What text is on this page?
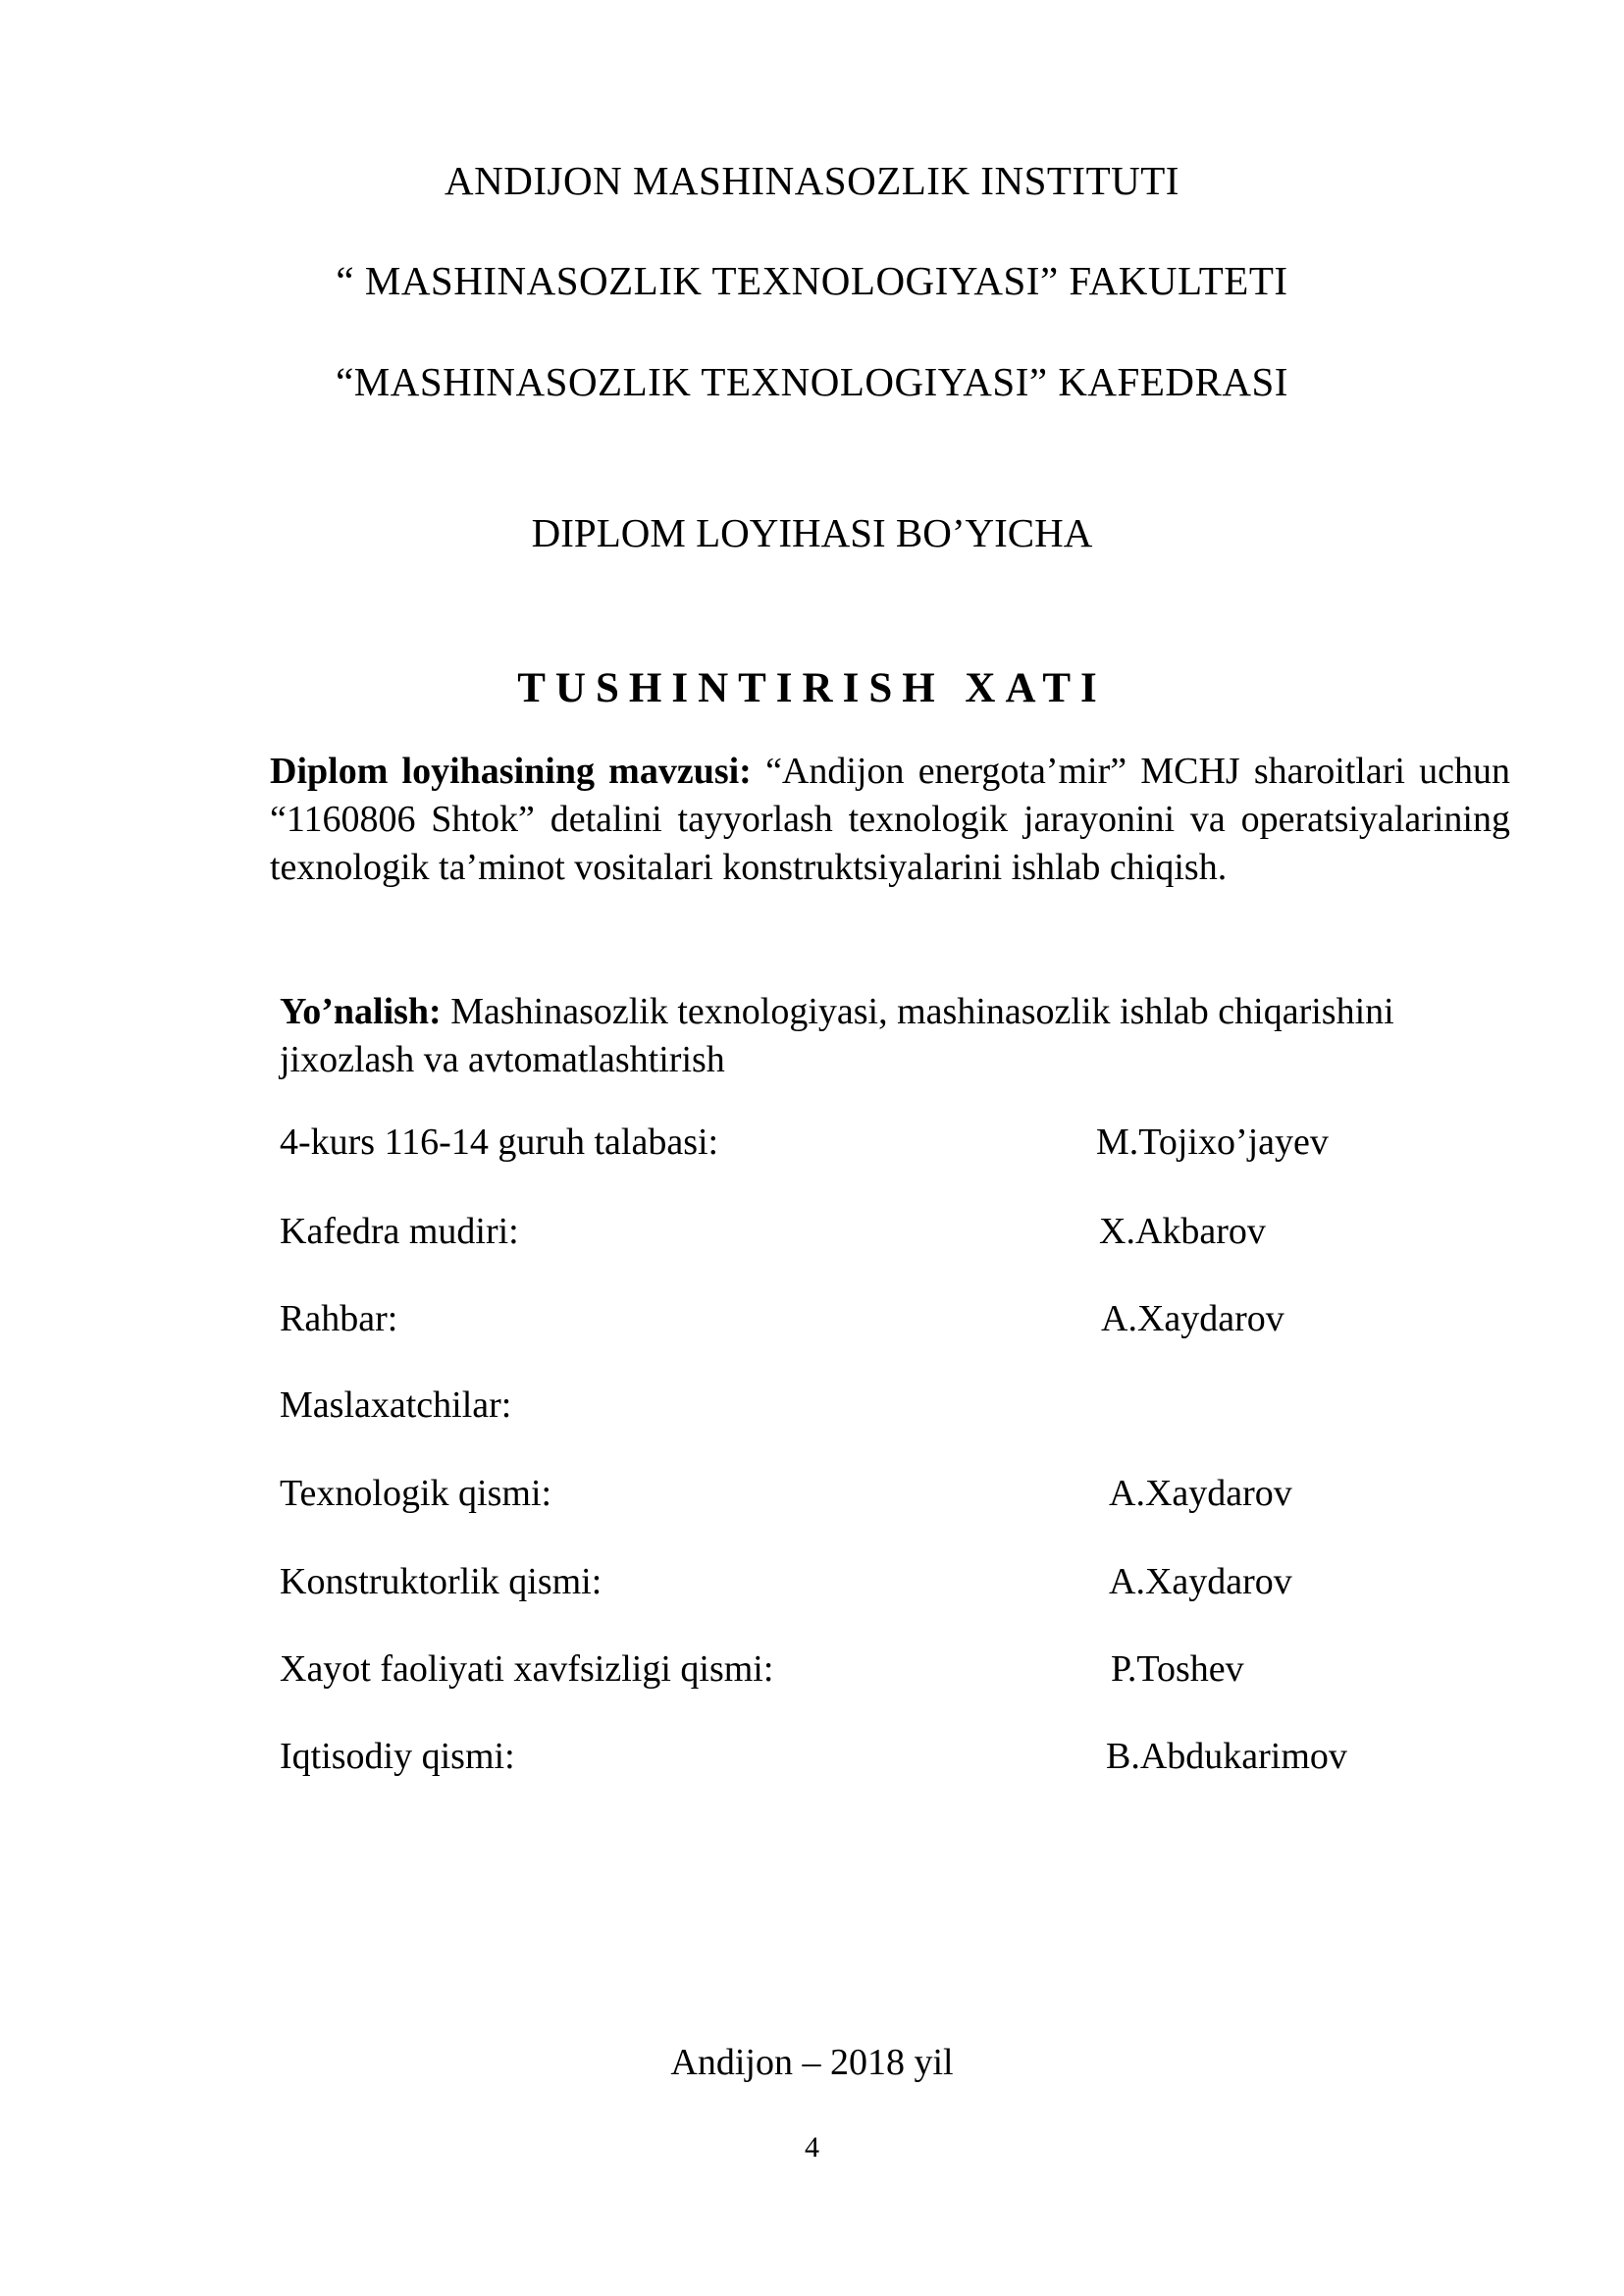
ANDIJON MASHINASOZLIK INSTITUTI
“ MASHINASOZLIK TEXNOLOGIYASI” FAKULTETI
“MASHINASOZLIK TEXNOLOGIYASI” KAFEDRASI
DIPLOM LOYIHASI BO’YICHA
TUSHINTIRISH XATI
Diplom loyihasining mavzusi: “Andijon energota’mir” MCHJ sharoitlari uchun “1160806 Shtok” detalini tayyorlash texnologik jarayonini va operatsiyalarining texnologik ta’minot vositalari konstruktsiyalarini ishlab chiqish.
Yo’nalish: Mashinasozlik texnologiyasi, mashinasozlik ishlab chiqarishini jixozlash va avtomatlashtirish
4-kurs 116-14 guruh talabasi:	M.Tojixo’jayev
Kafedra mudiri:	X.Akbarov
Rahbar:	A.Xaydarov
Maslaxatchilar:
Texnologik qismi:	A.Xaydarov
Konstruktorlik qismi:	A.Xaydarov
Xayot faoliyati xavfsizligi qismi:	P.Toshev
Iqtisodiy qismi:	B.Abdukarimov
Andijon – 2018 yil
4
